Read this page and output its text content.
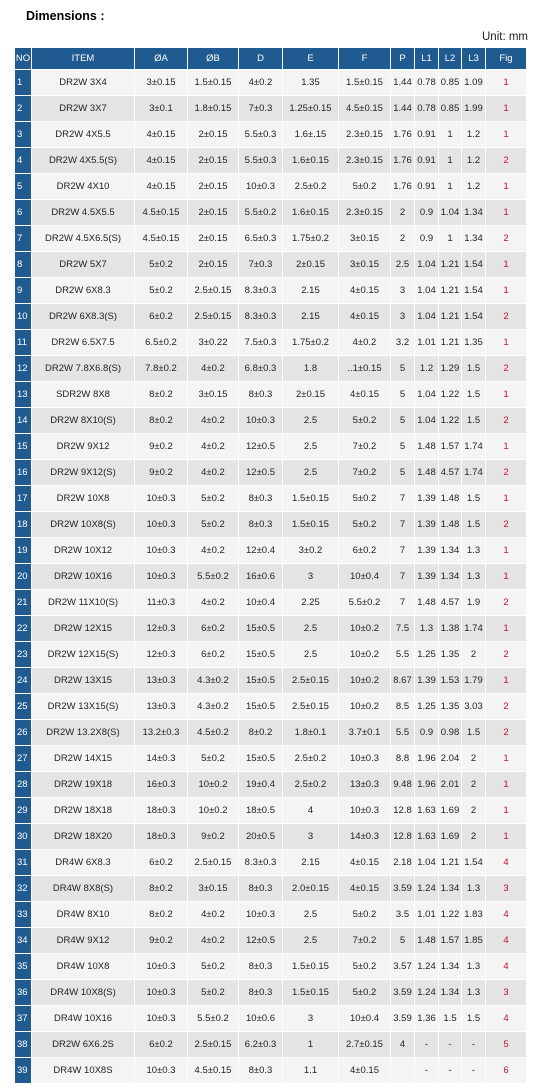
Dimensions :
Unit: mm
NO	ITEM	ØA	ØB	D	E	F	P	L1	L2	L3	Fig
1	DR2W 3X4	3±0.15	1.5±0.15	4±0.2	1.35	1.5±0.15	1.44	0.78	0.85	1.09	1
2	DR2W 3X7	3±0.1	1.8±0.15	7±0.3	1.25±0.15	4.5±0.15	1.44	0.78	0.85	1.99	1
3	DR2W 4X5.5	4±0.15	2±0.15	5.5±0.3	1.6±.15	2.3±0.15	1.76	0.91	1	1.2	1
4	DR2W 4X5.5(S)	4±0.15	2±0.15	5.5±0.3	1.6±0.15	2.3±0.15	1.76	0.91	1	1.2	2
5	DR2W 4X10	4±0.15	2±0.15	10±0.3	2.5±0.2	5±0.2	1.76	0.91	1	1.2	1
6	DR2W 4.5X5.5	4.5±0.15	2±0.15	5.5±0.2	1.6±0.15	2.3±0.15	2	0.9	1.04	1.34	1
7	DR2W 4.5X6.5(S)	4.5±0.15	2±0.15	6.5±0.3	1.75±0.2	3±0.15	2	0.9	1	1.34	2
8	DR2W 5X7	5±0.2	2±0.15	7±0.3	2±0.15	3±0.15	2.5	1.04	1.21	1.54	1
9	DR2W 6X8.3	5±0.2	2.5±0.15	8.3±0.3	2.15	4±0.15	3	1.04	1.21	1.54	1
10	DR2W 6X8.3(S)	6±0.2	2.5±0.15	8.3±0.3	2.15	4±0.15	3	1.04	1.21	1.54	2
11	DR2W 6.5X7.5	6.5±0.2	3±0.22	7.5±0.3	1.75±0.2	4±0.2	3.2	1.01	1.21	1.35	1
12	DR2W 7.8X6.8(S)	7.8±0.2	4±0.2	6.8±0.3	1.8	..1±0.15	5	1.2	1.29	1.5	2
13	SDR2W 8X8	8±0.2	3±0.15	8±0.3	2±0.15	4±0.15	5	1.04	1.22	1.5	1
14	DR2W 8X10(S)	8±0.2	4±0.2	10±0.3	2.5	5±0.2	5	1.04	1.22	1.5	2
15	DR2W 9X12	9±0.2	4±0.2	12±0.5	2.5	7±0.2	5	1.48	1.57	1.74	1
16	DR2W 9X12(S)	9±0.2	4±0.2	12±0.5	2.5	7±0.2	5	1.48	4.57	1.74	2
17	DR2W 10X8	10±0.3	5±0.2	8±0.3	1.5±0.15	5±0.2	7	1.39	1.48	1.5	1
18	DR2W 10X8(S)	10±0.3	5±0.2	8±0.3	1.5±0.15	5±0.2	7	1.39	1.48	1.5	2
19	DR2W 10X12	10±0.3	4±0.2	12±0.4	3±0.2	6±0.2	7	1.39	1.34	1.3	1
20	DR2W 10X16	10±0.3	5.5±0.2	16±0.6	3	10±0.4	7	1.39	1.34	1.3	1
21	DR2W 11X10(S)	11±0.3	4±0.2	10±0.4	2.25	5.5±0.2	7	1.48	4.57	1.9	2
22	DR2W 12X15	12±0.3	6±0.2	15±0.5	2.5	10±0.2	7.5	1.3	1.38	1.74	1
23	DR2W 12X15(S)	12±0.3	6±0.2	15±0.5	2.5	10±0.2	5.5	1.25	1.35	2	2
24	DR2W 13X15	13±0.3	4.3±0.2	15±0.5	2.5±0.15	10±0.2	8.67	1.39	1.53	1.79	1
25	DR2W 13X15(S)	13±0.3	4.3±0.2	15±0.5	2.5±0.15	10±0.2	8.5	1.25	1.35	3.03	2
26	DR2W 13.2X8(S)	13.2±0.3	4.5±0.2	8±0.2	1.8±0.1	3.7±0.1	5.5	0.9	0.98	1.5	2
27	DR2W 14X15	14±0.3	5±0.2	15±0.5	2.5±0.2	10±0.3	8.8	1.96	2.04	2	1
28	DR2W 19X18	16±0.3	10±0.2	19±0.4	2.5±0.2	13±0.3	9.48	1.96	2.01	2	1
29	DR2W 18X18	18±0.3	10±0.2	18±0.5	4	10±0.3	12.8	1.63	1.69	2	1
30	DR2W 18X20	18±0.3	9±0.2	20±0.5	3	14±0.3	12.8	1.63	1.69	2	1
31	DR4W 6X8.3	6±0.2	2.5±0.15	8.3±0.3	2.15	4±0.15	2.18	1.04	1.21	1.54	4
32	DR4W 8X8(S)	8±0.2	3±0.15	8±0.3	2.0±0.15	4±0.15	3.59	1.24	1.34	1.3	3
33	DR4W 8X10	8±0.2	4±0.2	10±0.3	2.5	5±0.2	3.5	1.01	1.22	1.83	4
34	DR4W 9X12	9±0.2	4±0.2	12±0.5	2.5	7±0.2	5	1.48	1.57	1.85	4
35	DR4W 10X8	10±0.3	5±0.2	8±0.3	1.5±0.15	5±0.2	3.57	1.24	1.34	1.3	4
36	DR4W 10X8(S)	10±0.3	5±0.2	8±0.3	1.5±0.15	5±0.2	3.59	1.24	1.34	1.3	3
37	DR4W 10X16	10±0.3	5.5±0.2	10±0.6	3	10±0.4	3.59	1.36	1.5	1.5	4
38	DR2W 6X6.2S	6±0.2	2.5±0.15	6.2±0.3	1	2.7±0.15	4	-	-	-	5
39	DR4W 10X8S	10±0.3	4.5±0.15	8±0.3	1.1	4±0.15		-	-	-	6
